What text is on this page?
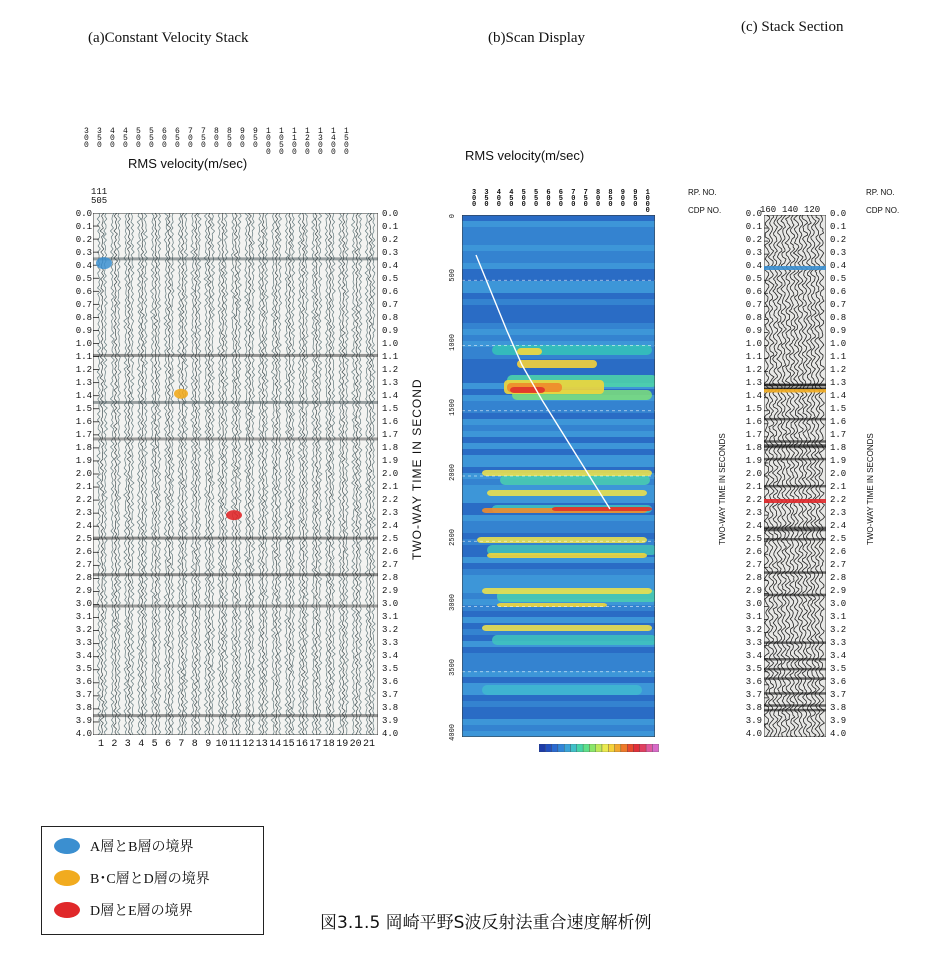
(a)Constant Velocity Stack	(b)Scan Display
(c) Stack Section
3
0
0
3
5
0
4
0
0
4
5
0
5
0
0
5
5
0
6
0
0
6
5
0
7
0
0
7
5
0
8
0
0
8
5
0
9
0
0
9
5
0
1
0
0
0
1
0
5
0
1
1
0
0
1
2
0
0
1
3
0
0
1
4
0
0
1
5
0
0
RMS velocity(m/sec)
111
505
0.0
0.1
0.2
0.3
0.4
0.5
0.6
0.7
0.8
0.9
1.0
1.1
1.2
1.3
1.4
1.5
1.6
1.7
1.8
1.9
2.0
2.1
2.2
2.3
2.4
2.5
2.6
2.7
2.8
2.9
3.0
3.1
3.2
3.3
3.4
3.5
3.6
3.7
3.8
3.9
4.0
0.0
0.1
0.2
0.3
0.4
0.5
0.6
0.7
0.8
0.9
1.0
1.1
1.2
1.3
1.4
1.5
1.6
1.7
1.8
1.9
2.0
2.1
2.2
2.3
2.4
2.5
2.6
2.7
2.8
2.9
3.0
3.1
3.2
3.3
3.4
3.5
3.6
3.7
3.8
3.9
4.0
1 2 3 4 5 6 7 8 9 10 11 12 13 14 15 16 17 18 19 20 21
TWO-WAY TIME IN SECOND
RMS velocity(m/sec)
RP. NO.
CDP NO.
3
0
0
3
5
0
4
0
0
4
5
0
5
0
0
5
5
0
6
0
0
6
5
0
7
0
0
7
5
0
8
0
0
8
5
0
9
0
0
9
5
0
1
0
0
0
0
500
1000
1500
2000
2500
3000
3500
4000
RP. NO.
CDP NO.
160 140 120
0.0
0.1
0.2
0.3
0.4
0.5
0.6
0.7
0.8
0.9
1.0
1.1
1.2
1.3
1.4
1.5
1.6
1.7
1.8
1.9
2.0
2.1
2.2
2.3
2.4
2.5
2.6
2.7
2.8
2.9
3.0
3.1
3.2
3.3
3.4
3.5
3.6
3.7
3.8
3.9
4.0
0.0
0.1
0.2
0.3
0.4
0.5
0.6
0.7
0.8
0.9
1.0
1.1
1.2
1.3
1.4
1.5
1.6
1.7
1.8
1.9
2.0
2.1
2.2
2.3
2.4
2.5
2.6
2.7
2.8
2.9
3.0
3.1
3.2
3.3
3.4
3.5
3.6
3.7
3.8
3.9
4.0
TWO-WAY TIME IN SECONDS	TWO-WAY TIME IN SECONDS
A層とB層の境界
B･C層とD層の境界
D層とE層の境界
図3.1.5 岡崎平野S波反射法重合速度解析例
